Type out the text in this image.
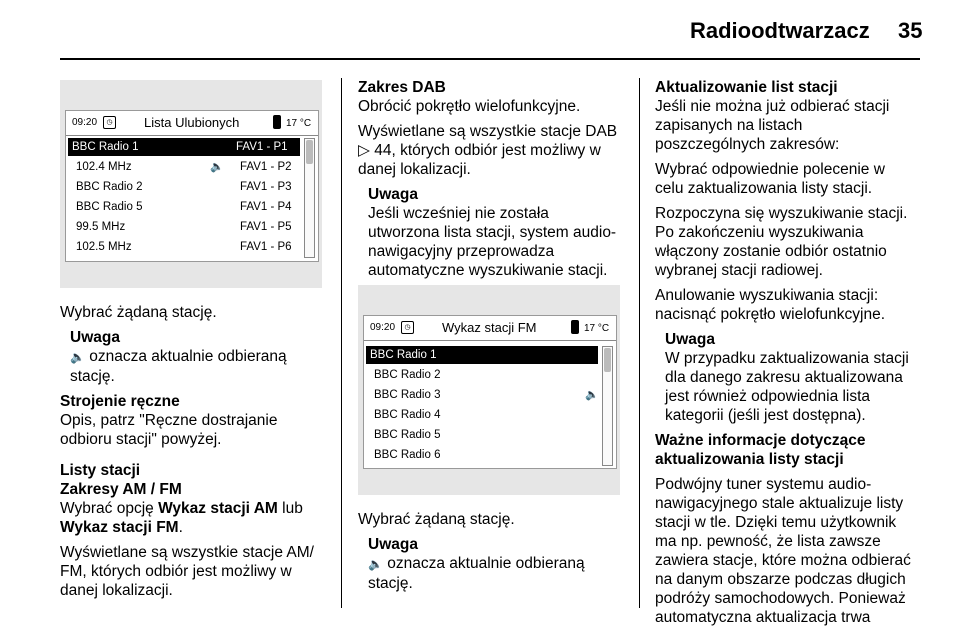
Radioodtwarzacz 35
09:20	◷ Lista Ulubionych	17 °C
BBC Radio 1	FAV1 - P1
102.4 MHz	🔈 FAV1 - P2
BBC Radio 2	FAV1 - P3
BBC Radio 5	FAV1 - P4
99.5 MHz	FAV1 - P5
102.5 MHz	FAV1 - P6

Wybrać żądaną stację.

Uwaga
🔈 oznacza aktualnie odbieraną
stację.

Strojenie ręczne

Opis, patrz "Ręczne dostrajanie
odbioru stacji" powyżej.

Listy stacji

Zakresy AM / FM

Wybrać opcję Wykaz stacji AM lub
Wykaz stacji FM.

Wyświetlane są wszystkie stacje AM/
FM, których odbiór jest możliwy w
danej lokalizacji.

Zakres DAB

Obrócić pokrętło wielofunkcyjne.

Wyświetlane są wszystkie stacje DAB
▷ 44, których odbiór jest możliwy w
danej lokalizacji.

Uwaga
Jeśli wcześniej nie została
utworzona lista stacji, system audio-
nawigacyjny przeprowadza
automatyczne wyszukiwanie stacji.
09:20	◷ Wykaz stacji FM	17 °C
BBC Radio 1
BBC Radio 2
BBC Radio 3	🔈
BBC Radio 4
BBC Radio 5
BBC Radio 6

Wybrać żądaną stację.

Uwaga
🔈 oznacza aktualnie odbieraną
stację.

Aktualizowanie list stacji

Jeśli nie można już odbierać stacji
zapisanych na listach
poszczególnych zakresów:

Wybrać odpowiednie polecenie w
celu zaktualizowania listy stacji.

Rozpoczyna się wyszukiwanie stacji.
Po zakończeniu wyszukiwania
włączony zostanie odbiór ostatnio
wybranej stacji radiowej.

Anulowanie wyszukiwania stacji:
nacisnąć pokrętło wielofunkcyjne.

Uwaga
W przypadku zaktualizowania stacji
dla danego zakresu aktualizowana
jest również odpowiednia lista
kategorii (jeśli jest dostępna).

Ważne informacje dotyczące
aktualizowania listy stacji

Podwójny tuner systemu audio-
nawigacyjnego stale aktualizuje listy
stacji w tle. Dzięki temu użytkownik
ma np. pewność, że lista zawsze
zawiera stacje, które można odbierać
na danym obszarze podczas długich
podróży samochodowych. Ponieważ
automatyczna aktualizacja trwa
